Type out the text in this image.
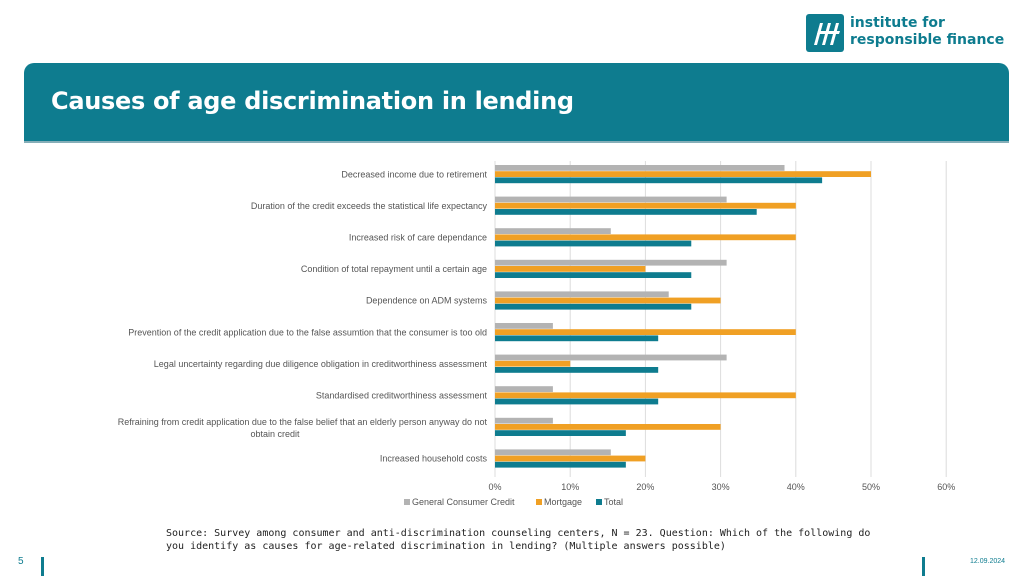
institute for
responsible finance
Causes of age discrimination in lending
0%	10%	20%	30%	40%	50%	60%
Decreased income due to retirement
Duration of the credit exceeds the statistical life expectancy
Increased risk of care dependance
Condition of total repayment until a certain age
Dependence on ADM systems
Prevention of the credit application due to the false assumtion that the consumer is too old
Legal uncertainty regarding due diligence obligation in creditworthiness assessment
Standardised creditworthiness assessment
Refraining from credit application due to the false belief that an elderly person anyway do not
obtain credit
Increased household costs
General Consumer Credit	Mortgage Total
Source: Survey among consumer and anti-discrimination counseling centers, N = 23. Question: Which of the following do you identify as causes for age-related discrimination in lending? (Multiple answers possible)
5	12.09.2024
